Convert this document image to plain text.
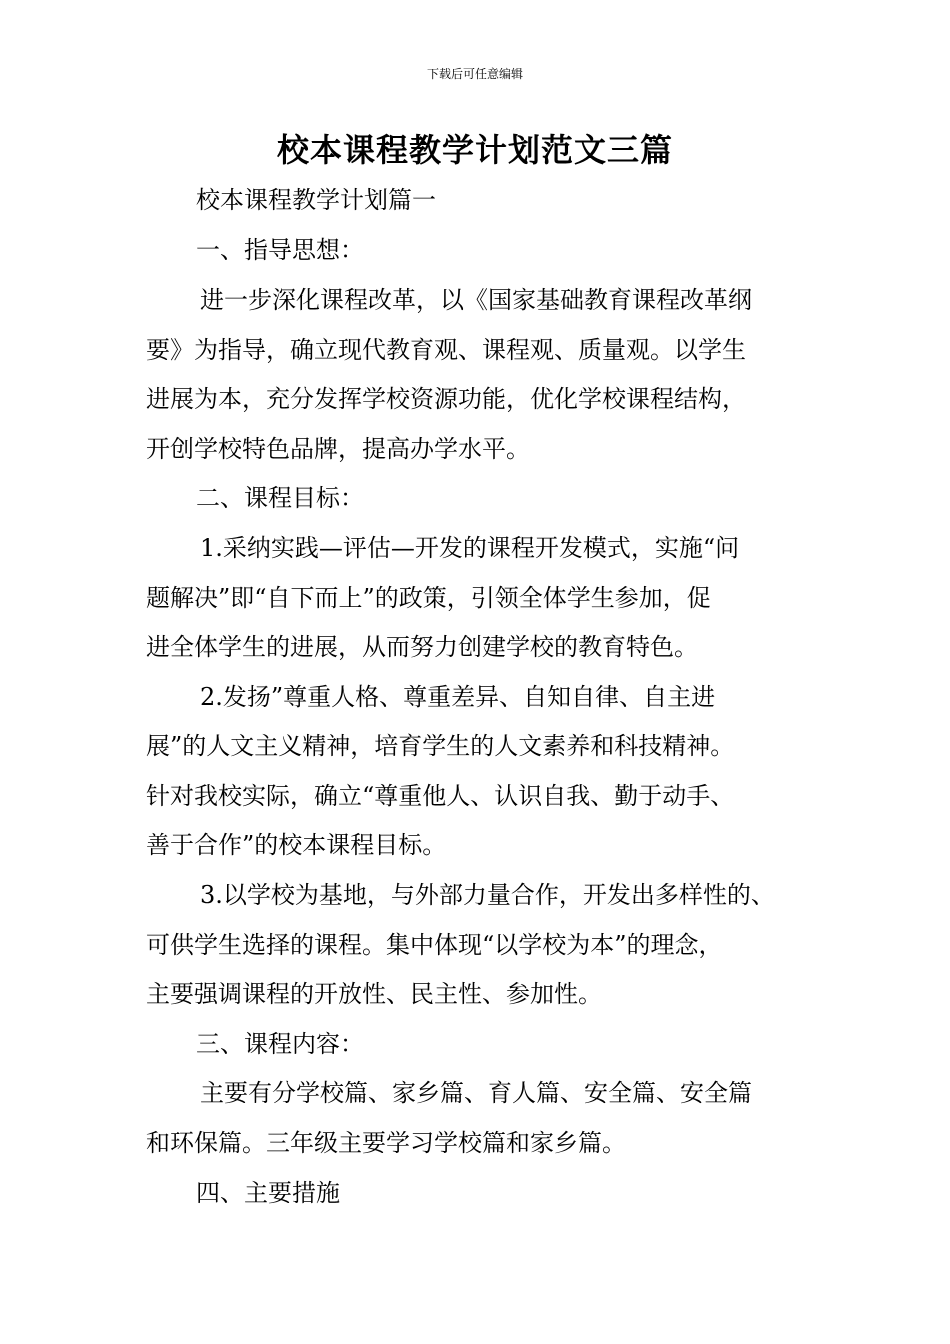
下载后可任意编辑
校本课程教学计划范文三篇

校本课程教学计划篇一

一、指导思想：

进一步深化课程改革，以《国家基础教育课程改革纲

要》为指导，确立现代教育观、课程观、质量观。以学生

进展为本，充分发挥学校资源功能，优化学校课程结构，

开创学校特色品牌，提高办学水平。

二、课程目标：

1.采纳实践—评估—开发的课程开发模式，实施“问

题解决”即“自下而上”的政策，引领全体学生参加，促

进全体学生的进展，从而努力创建学校的教育特色。

2.发扬”尊重人格、尊重差异、自知自律、自主进

展”的人文主义精神，培育学生的人文素养和科技精神。

针对我校实际，确立“尊重他人、认识自我、勤于动手、

善于合作”的校本课程目标。

3.以学校为基地，与外部力量合作，开发出多样性的、

可供学生选择的课程。集中体现“以学校为本”的理念，

主要强调课程的开放性、民主性、参加性。

三、课程内容：

主要有分学校篇、家乡篇、育人篇、安全篇、安全篇

和环保篇。三年级主要学习学校篇和家乡篇。

四、主要措施
